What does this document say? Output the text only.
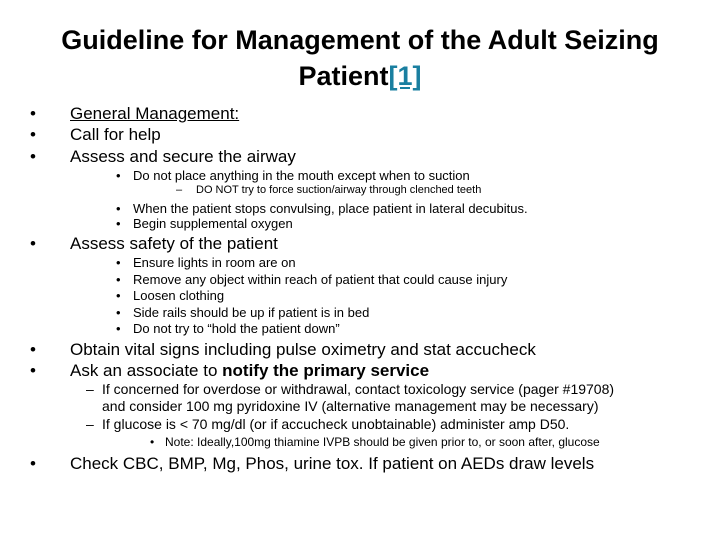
Guideline for Management of the Adult Seizing Patient[1]
• General Management:
• Call for help
• Assess and secure the airway
• Do not place anything in the mouth except when to suction
– DO NOT try to force suction/airway through clenched teeth
• When the patient stops convulsing, place patient in lateral decubitus.
• Begin supplemental oxygen
• Assess safety of the patient
• Ensure lights in room are on
• Remove any object within reach of patient that could cause injury
• Loosen clothing
• Side rails should be up if patient is in bed
• Do not try to “hold the patient down”
• Obtain vital signs including pulse oximetry and stat accucheck
• Ask an associate to notify the primary service
– If concerned for overdose or withdrawal, contact toxicology service (pager #19708)
and consider 100 mg pyridoxine IV (alternative management may be necessary)
– If glucose is < 70 mg/dl (or if accucheck unobtainable) administer amp D50.
• Note: Ideally,100mg thiamine IVPB should be given prior to, or soon after, glucose
• Check CBC, BMP, Mg, Phos, urine tox. If patient on AEDs draw levels
